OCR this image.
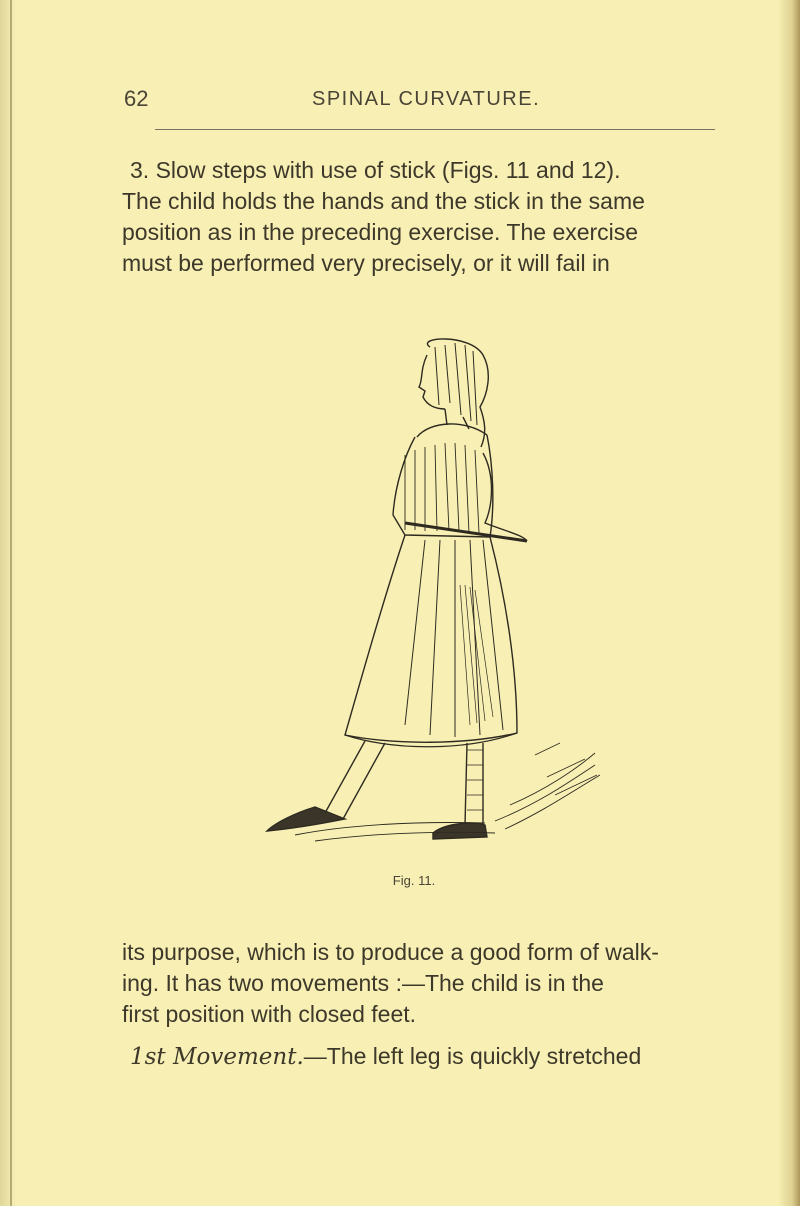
62	SPINAL CURVATURE.
3. Slow steps with use of stick (Figs. 11 and 12).
The child holds the hands and the stick in the same
position as in the preceding exercise. The exercise
must be performed very precisely, or it will fail in
Fig. 11.
its purpose, which is to produce a good form of walk-
ing. It has two movements :—The child is in the
first position with closed feet.
1st Movement.—The left leg is quickly stretched
